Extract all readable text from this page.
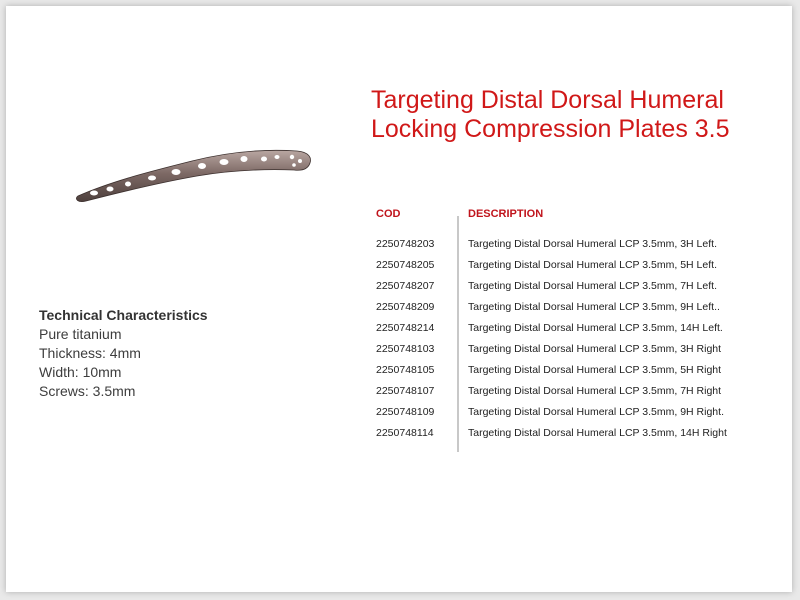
Targeting Distal Dorsal Humeral
Locking Compression Plates 3.5
Technical Characteristics
Pure titanium
Thickness: 4mm
Width: 10mm
Screws: 3.5mm
COD	DESCRIPTION
2250748203	Targeting Distal Dorsal Humeral LCP 3.5mm, 3H Left.
2250748205	Targeting Distal Dorsal Humeral LCP 3.5mm, 5H Left.
2250748207	Targeting Distal Dorsal Humeral LCP 3.5mm, 7H Left.
2250748209	Targeting Distal Dorsal Humeral LCP 3.5mm, 9H Left..
2250748214	Targeting Distal Dorsal Humeral LCP 3.5mm, 14H Left.
2250748103	Targeting Distal Dorsal Humeral LCP 3.5mm, 3H Right
2250748105	Targeting Distal Dorsal Humeral LCP 3.5mm, 5H Right
2250748107	Targeting Distal Dorsal Humeral LCP 3.5mm, 7H Right
2250748109	Targeting Distal Dorsal Humeral LCP 3.5mm, 9H Right.
2250748114	Targeting Distal Dorsal Humeral LCP 3.5mm, 14H Right
